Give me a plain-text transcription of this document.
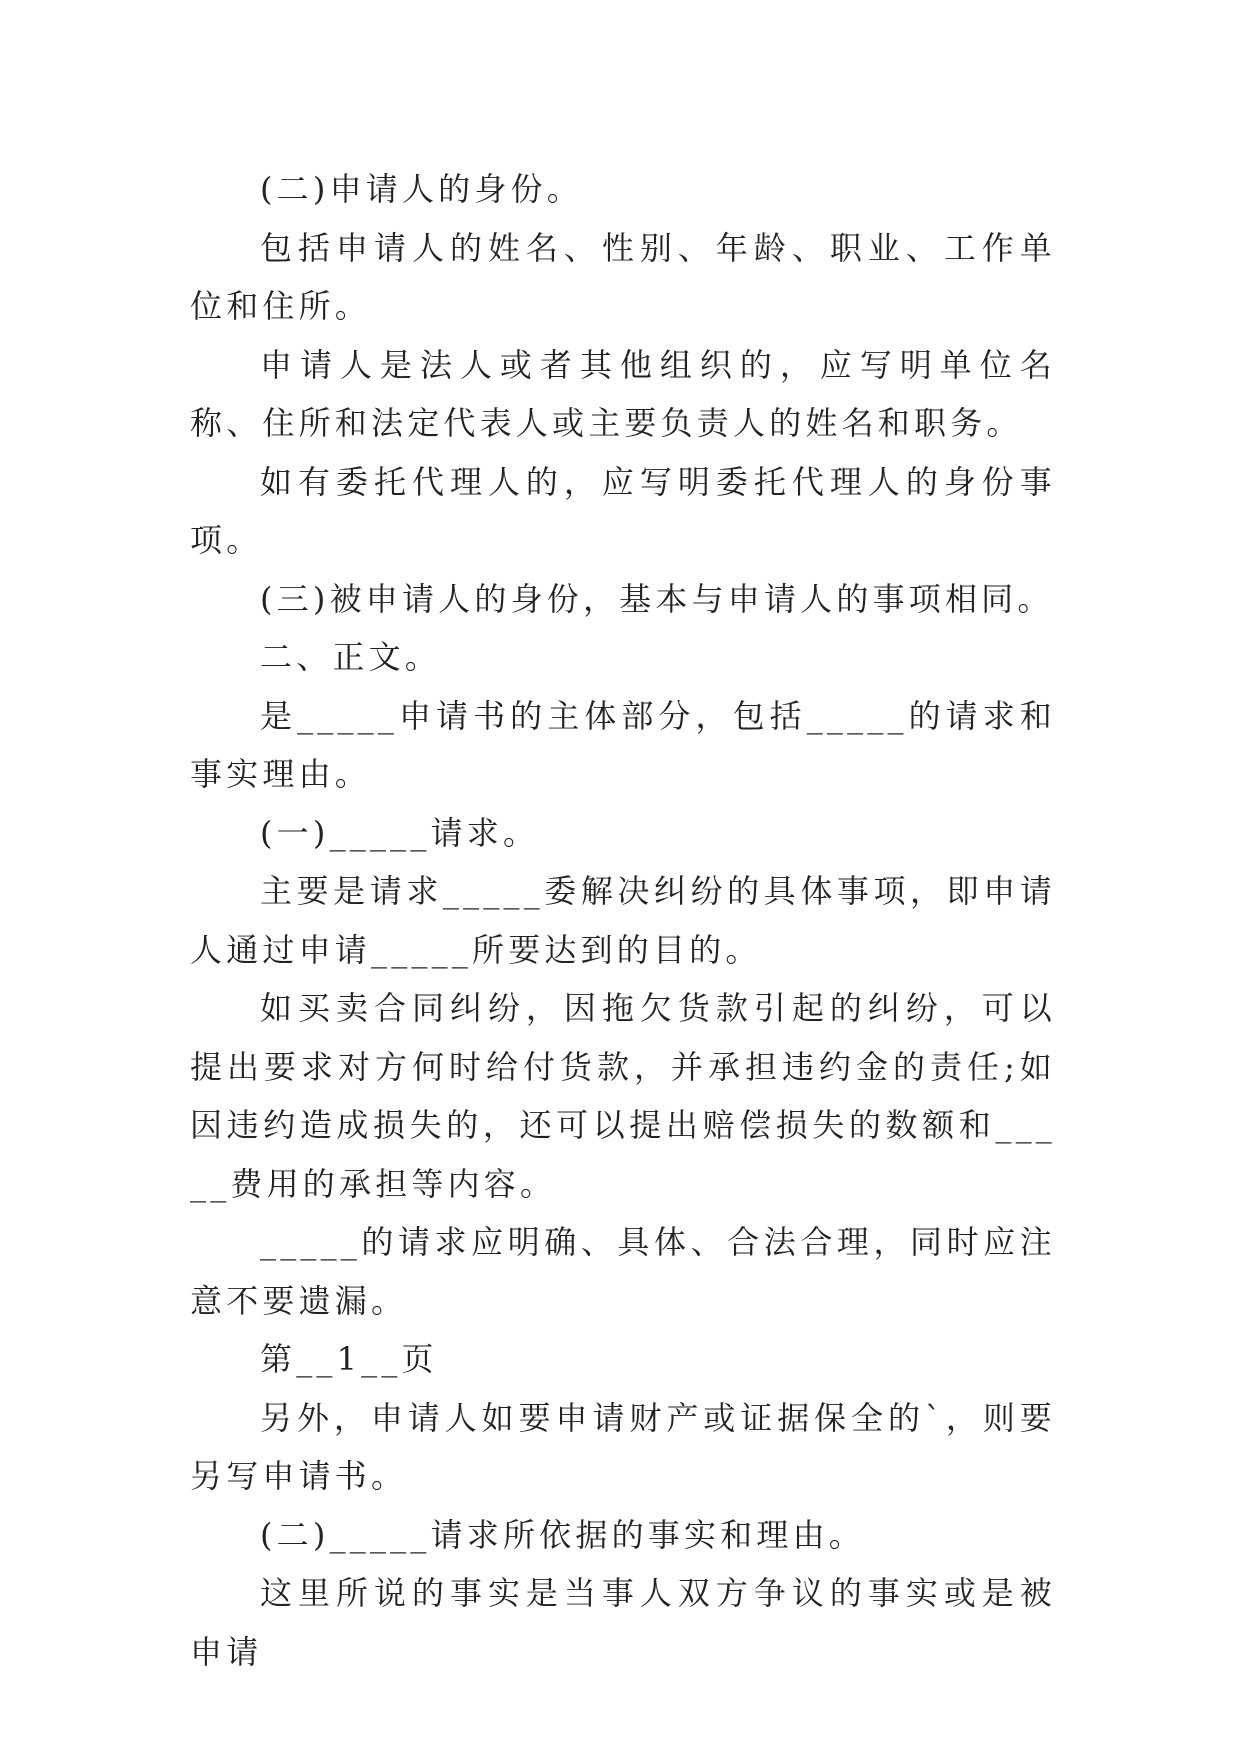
(二)申请人的身份。

包括申请人的姓名、性别、年龄、职业、工作单位和住所。

申请人是法人或者其他组织的，应写明单位名称、住所和法定代表人或主要负责人的姓名和职务。

如有委托代理人的，应写明委托代理人的身份事项。

(三)被申请人的身份，基本与申请人的事项相同。

二、正文。

是_____申请书的主体部分，包括_____的请求和事实理由。

(一)_____请求。

主要是请求_____委解决纠纷的具体事项，即申请人通过申请_____所要达到的目的。

如买卖合同纠纷，因拖欠货款引起的纠纷，可以提出要求对方何时给付货款，并承担违约金的责任;如因违约造成损失的，还可以提出赔偿损失的数额和_____费用的承担等内容。

_____的请求应明确、具体、合法合理，同时应注意不要遗漏。

第__1__页

另外，申请人如要申请财产或证据保全的`，则要另写申请书。

(二)_____请求所依据的事实和理由。

这里所说的事实是当事人双方争议的事实或是被申请
